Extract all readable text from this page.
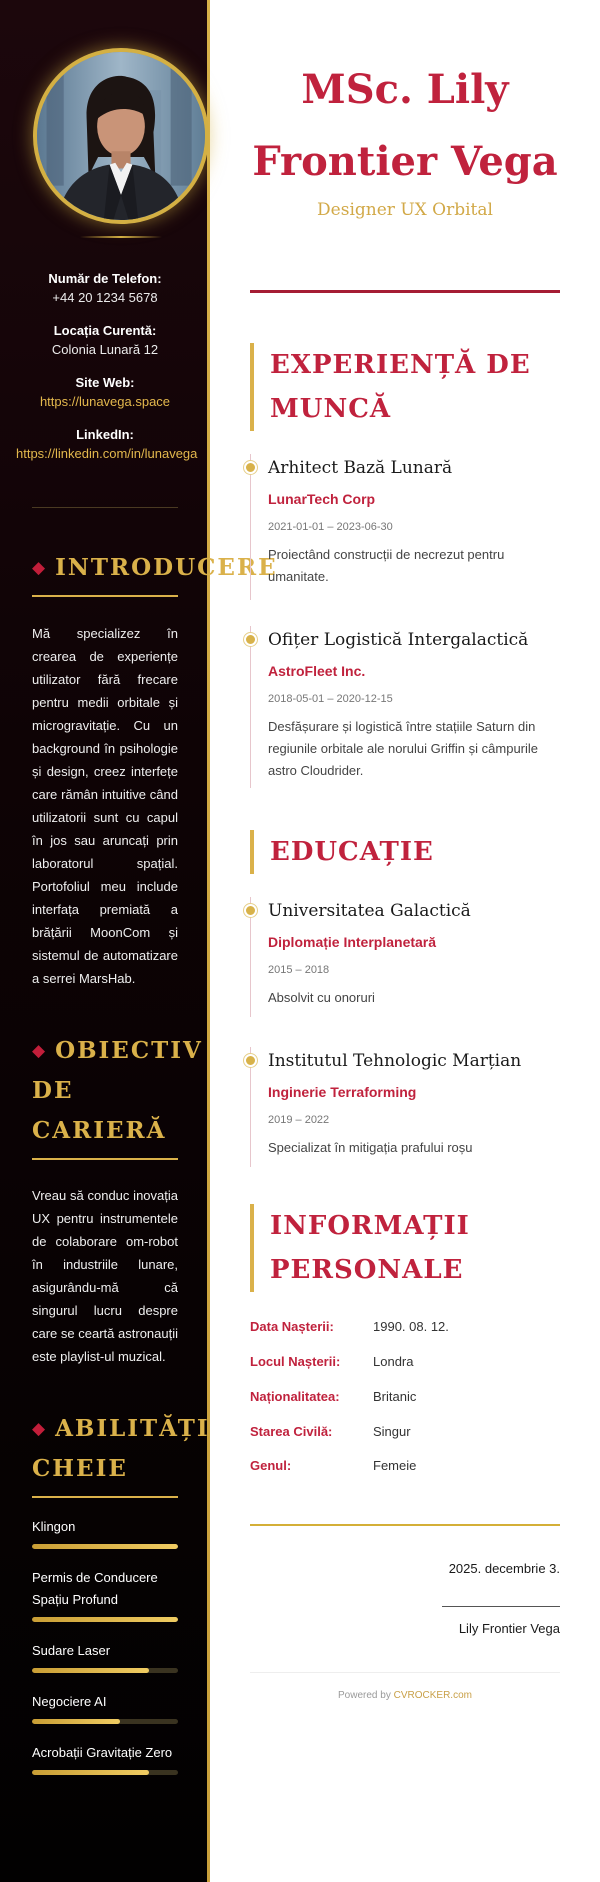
Număr de Telefon:
+44 20 1234 5678
Locația Curentă:
Colonia Lunară 12
Site Web:
https://lunavega.space
LinkedIn:
https://linkedin.com/in/lunavega
◆ INTRODUCERE
Mă specializez în crearea de experiențe utilizator fără frecare pentru medii orbitale și microgravitație. Cu un background în psihologie și design, creez interfețe care rămân intuitive când utilizatorii sunt cu capul în jos sau aruncați prin laboratorul spațial. Portofoliul meu include interfața premiată a brățării MoonCom și sistemul de automatizare a serrei MarsHab.
◆ OBIECTIV DE CARIERĂ
Vreau să conduc inovația UX pentru instrumentele de colaborare om-robot în industriile lunare, asigurându-mă că singurul lucru despre care se ceartă astronauții este playlist-ul muzical.
◆ ABILITĂȚI CHEIE
Klingon
Permis de Conducere Spațiu Profund
Sudare Laser
Negociere AI
Acrobații Gravitație Zero
MSc. Lily Frontier Vega
Designer UX Orbital
EXPERIENȚĂ DE MUNCĂ
Arhitect Bază Lunară
LunarTech Corp
2021-01-01 – 2023-06-30
Proiectând construcții de necrezut pentru umanitate.
Ofițer Logistică Intergalactică
AstroFleet Inc.
2018-05-01 – 2020-12-15
Desfășurare și logistică între stațiile Saturn din regiunile orbitale ale norului Griffin și câmpurile astro Cloudrider.
EDUCAȚIE
Universitatea Galactică
Diplomație Interplanetară
2015 – 2018
Absolvit cu onoruri
Institutul Tehnologic Marțian
Inginerie Terraforming
2019 – 2022
Specializat în mitigația prafului roșu
INFORMAȚII PERSONALE
Data Nașterii:	1990. 08. 12.
Locul Nașterii:	Londra
Naționalitatea:	Britanic
Starea Civilă:	Singur
Genul:	Femeie
2025. decembrie 3.
Lily Frontier Vega
Powered by CVROCKER.com
